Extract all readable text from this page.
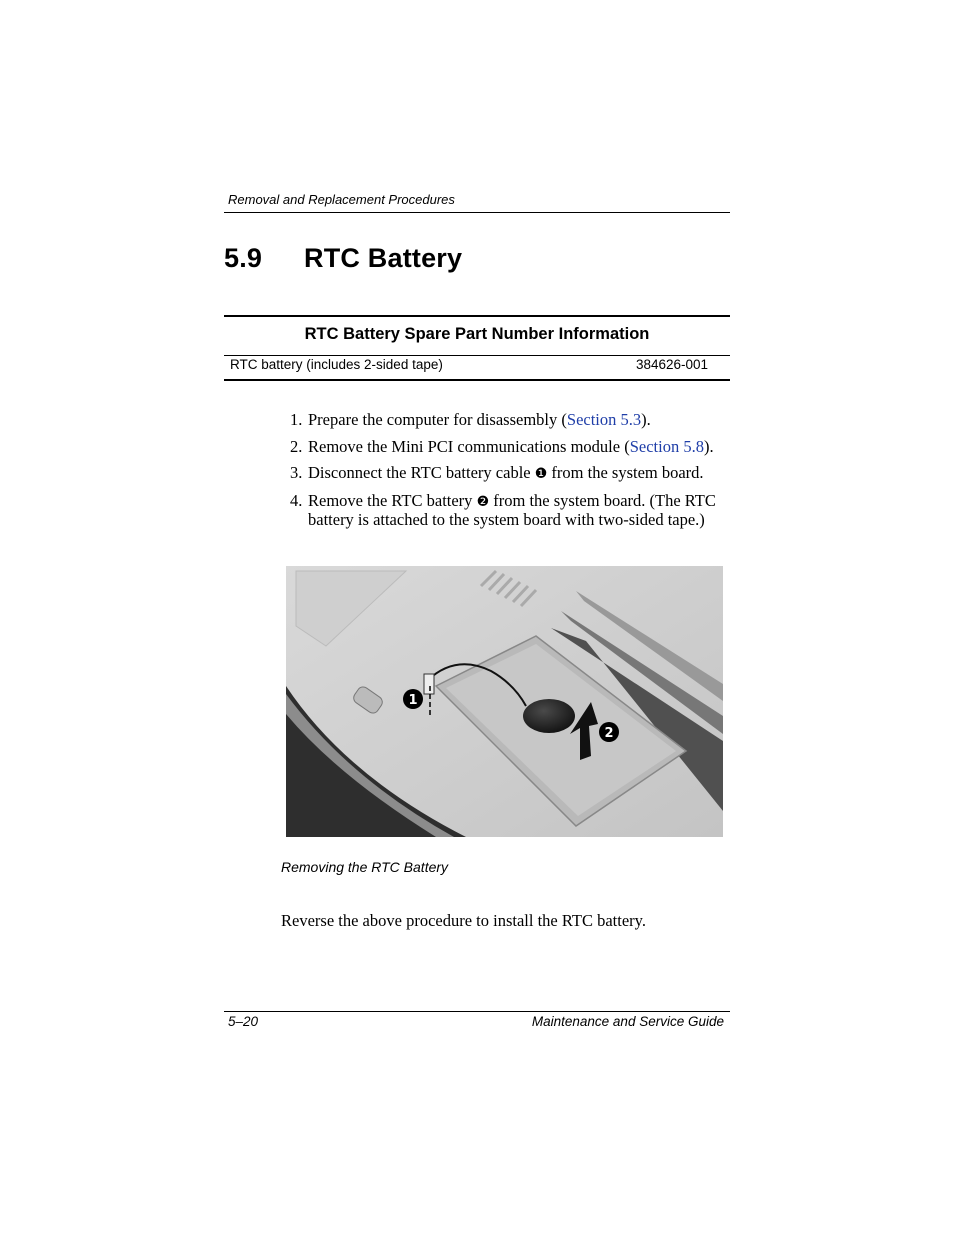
Removal and Replacement Procedures
5.9 RTC Battery
RTC Battery Spare Part Number Information
RTC battery (includes 2-sided tape)	384626-001
1. Prepare the computer for disassembly (Section 5.3).
2. Remove the Mini PCI communications module (Section 5.8).
3. Disconnect the RTC battery cable ❶ from the system board.
4. Remove the RTC battery ❷ from the system board. (The RTC battery is attached to the system board with two-sided tape.)
1
2
Removing the RTC Battery
Reverse the above procedure to install the RTC battery.
5–20	Maintenance and Service Guide
